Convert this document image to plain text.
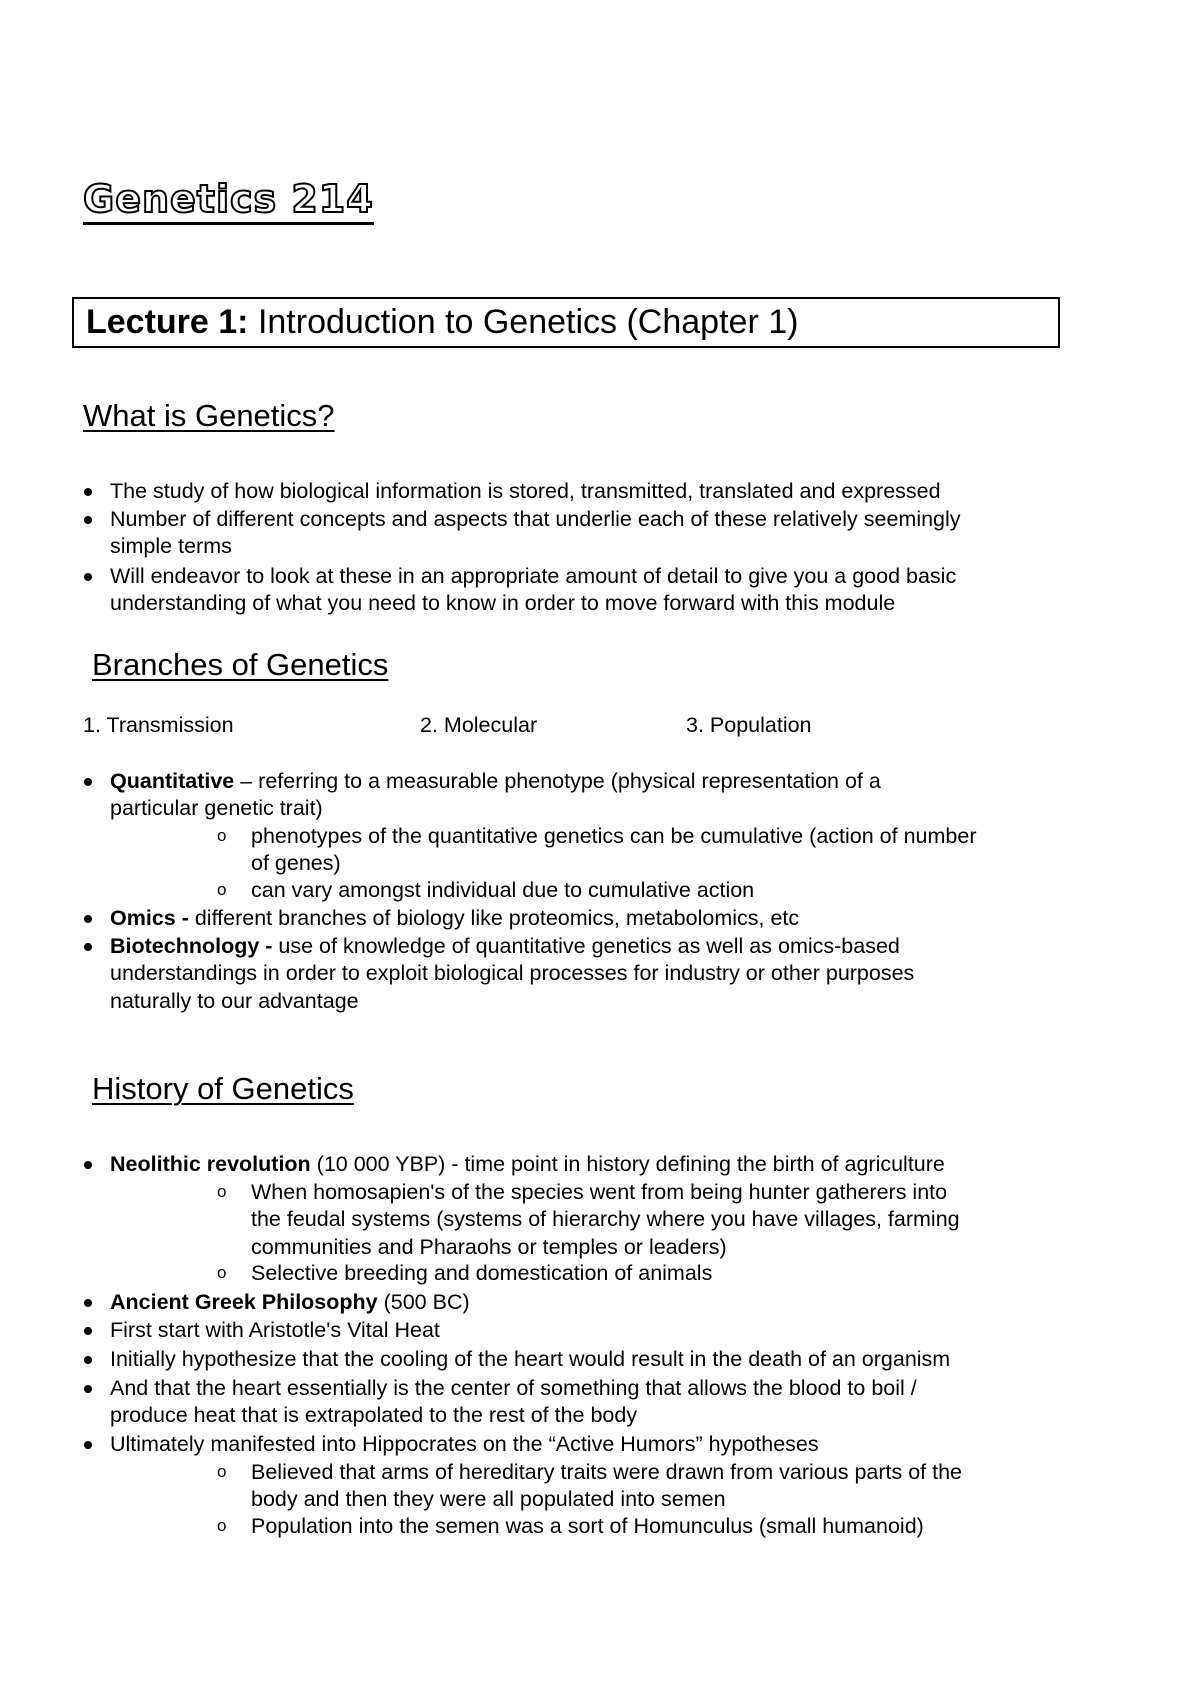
Genetics 214
Lecture 1: Introduction to Genetics (Chapter 1)
What is Genetics?
The study of how biological information is stored, transmitted, translated and expressed
Number of different concepts and aspects that underlie each of these relatively seemingly
simple terms
Will endeavor to look at these in an appropriate amount of detail to give you a good basic
understanding of what you need to know in order to move forward with this module
Branches of Genetics
1. Transmission	2. Molecular	3. Population
Quantitative – referring to a measurable phenotype (physical representation of a
particular genetic trait)
o phenotypes of the quantitative genetics can be cumulative (action of number
of genes)
o can vary amongst individual due to cumulative action
Omics - different branches of biology like proteomics, metabolomics, etc
Biotechnology - use of knowledge of quantitative genetics as well as omics-based
understandings in order to exploit biological processes for industry or other purposes
naturally to our advantage
History of Genetics
Neolithic revolution (10 000 YBP) - time point in history defining the birth of agriculture
o When homosapien's of the species went from being hunter gatherers into
the feudal systems (systems of hierarchy where you have villages, farming
communities and Pharaohs or temples or leaders)
o Selective breeding and domestication of animals
Ancient Greek Philosophy (500 BC)
First start with Aristotle's Vital Heat
Initially hypothesize that the cooling of the heart would result in the death of an organism
And that the heart essentially is the center of something that allows the blood to boil /
produce heat that is extrapolated to the rest of the body
Ultimately manifested into Hippocrates on the “Active Humors” hypotheses
o Believed that arms of hereditary traits were drawn from various parts of the
body and then they were all populated into semen
o Population into the semen was a sort of Homunculus (small humanoid)
